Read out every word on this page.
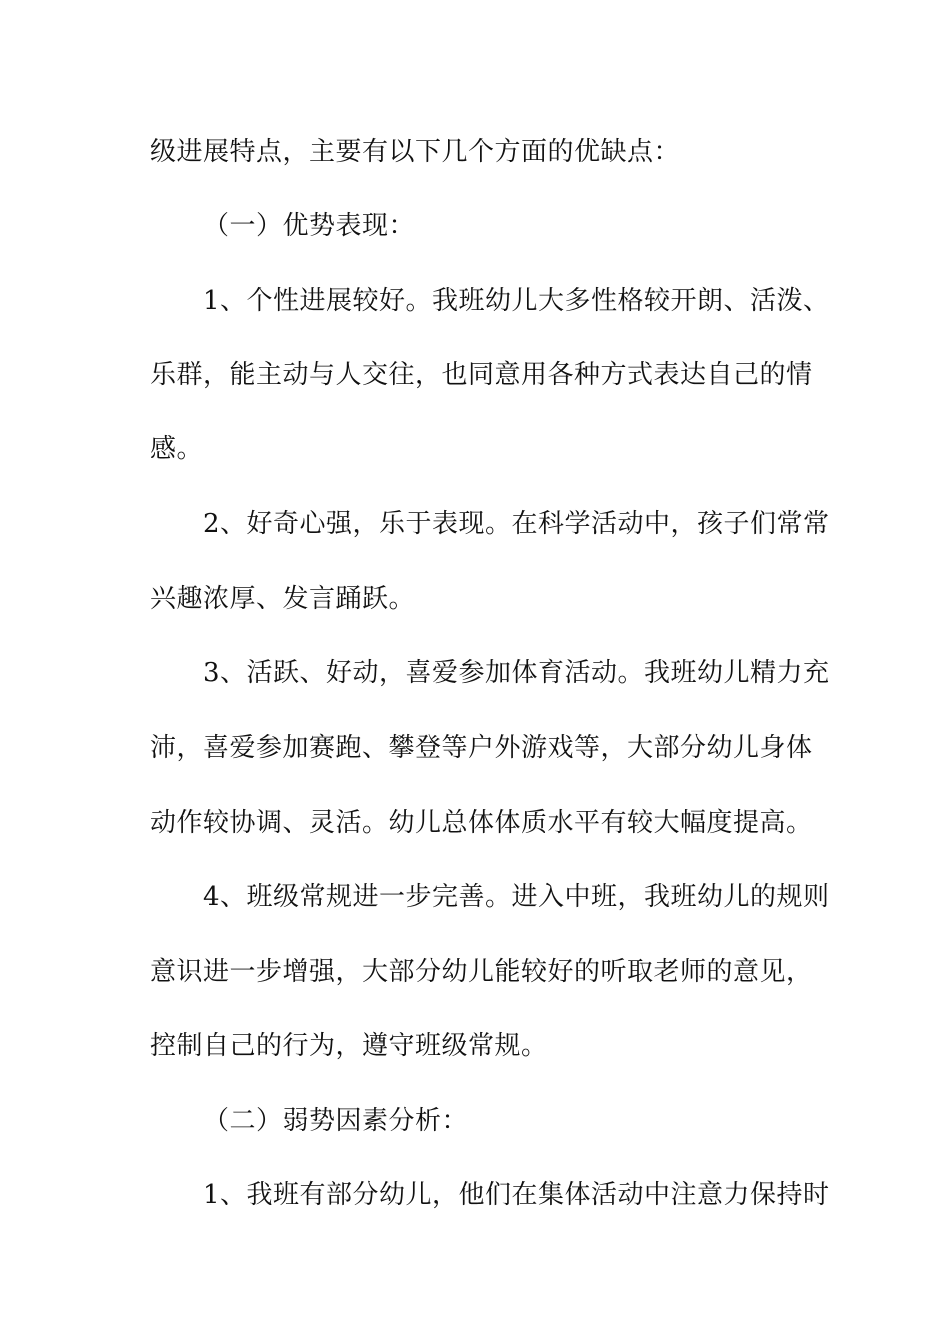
级进展特点，主要有以下几个方面的优缺点：

（一）优势表现：

1、个性进展较好。我班幼儿大多性格较开朗、活泼、

乐群，能主动与人交往，也同意用各种方式表达自己的情

感。

2、好奇心强，乐于表现。在科学活动中，孩子们常常

兴趣浓厚、发言踊跃。

3、活跃、好动，喜爱参加体育活动。我班幼儿精力充

沛，喜爱参加赛跑、攀登等户外游戏等，大部分幼儿身体

动作较协调、灵活。幼儿总体体质水平有较大幅度提高。

4、班级常规进一步完善。进入中班，我班幼儿的规则

意识进一步增强，大部分幼儿能较好的听取老师的意见，

控制自己的行为，遵守班级常规。

（二）弱势因素分析：

1、我班有部分幼儿，他们在集体活动中注意力保持时
